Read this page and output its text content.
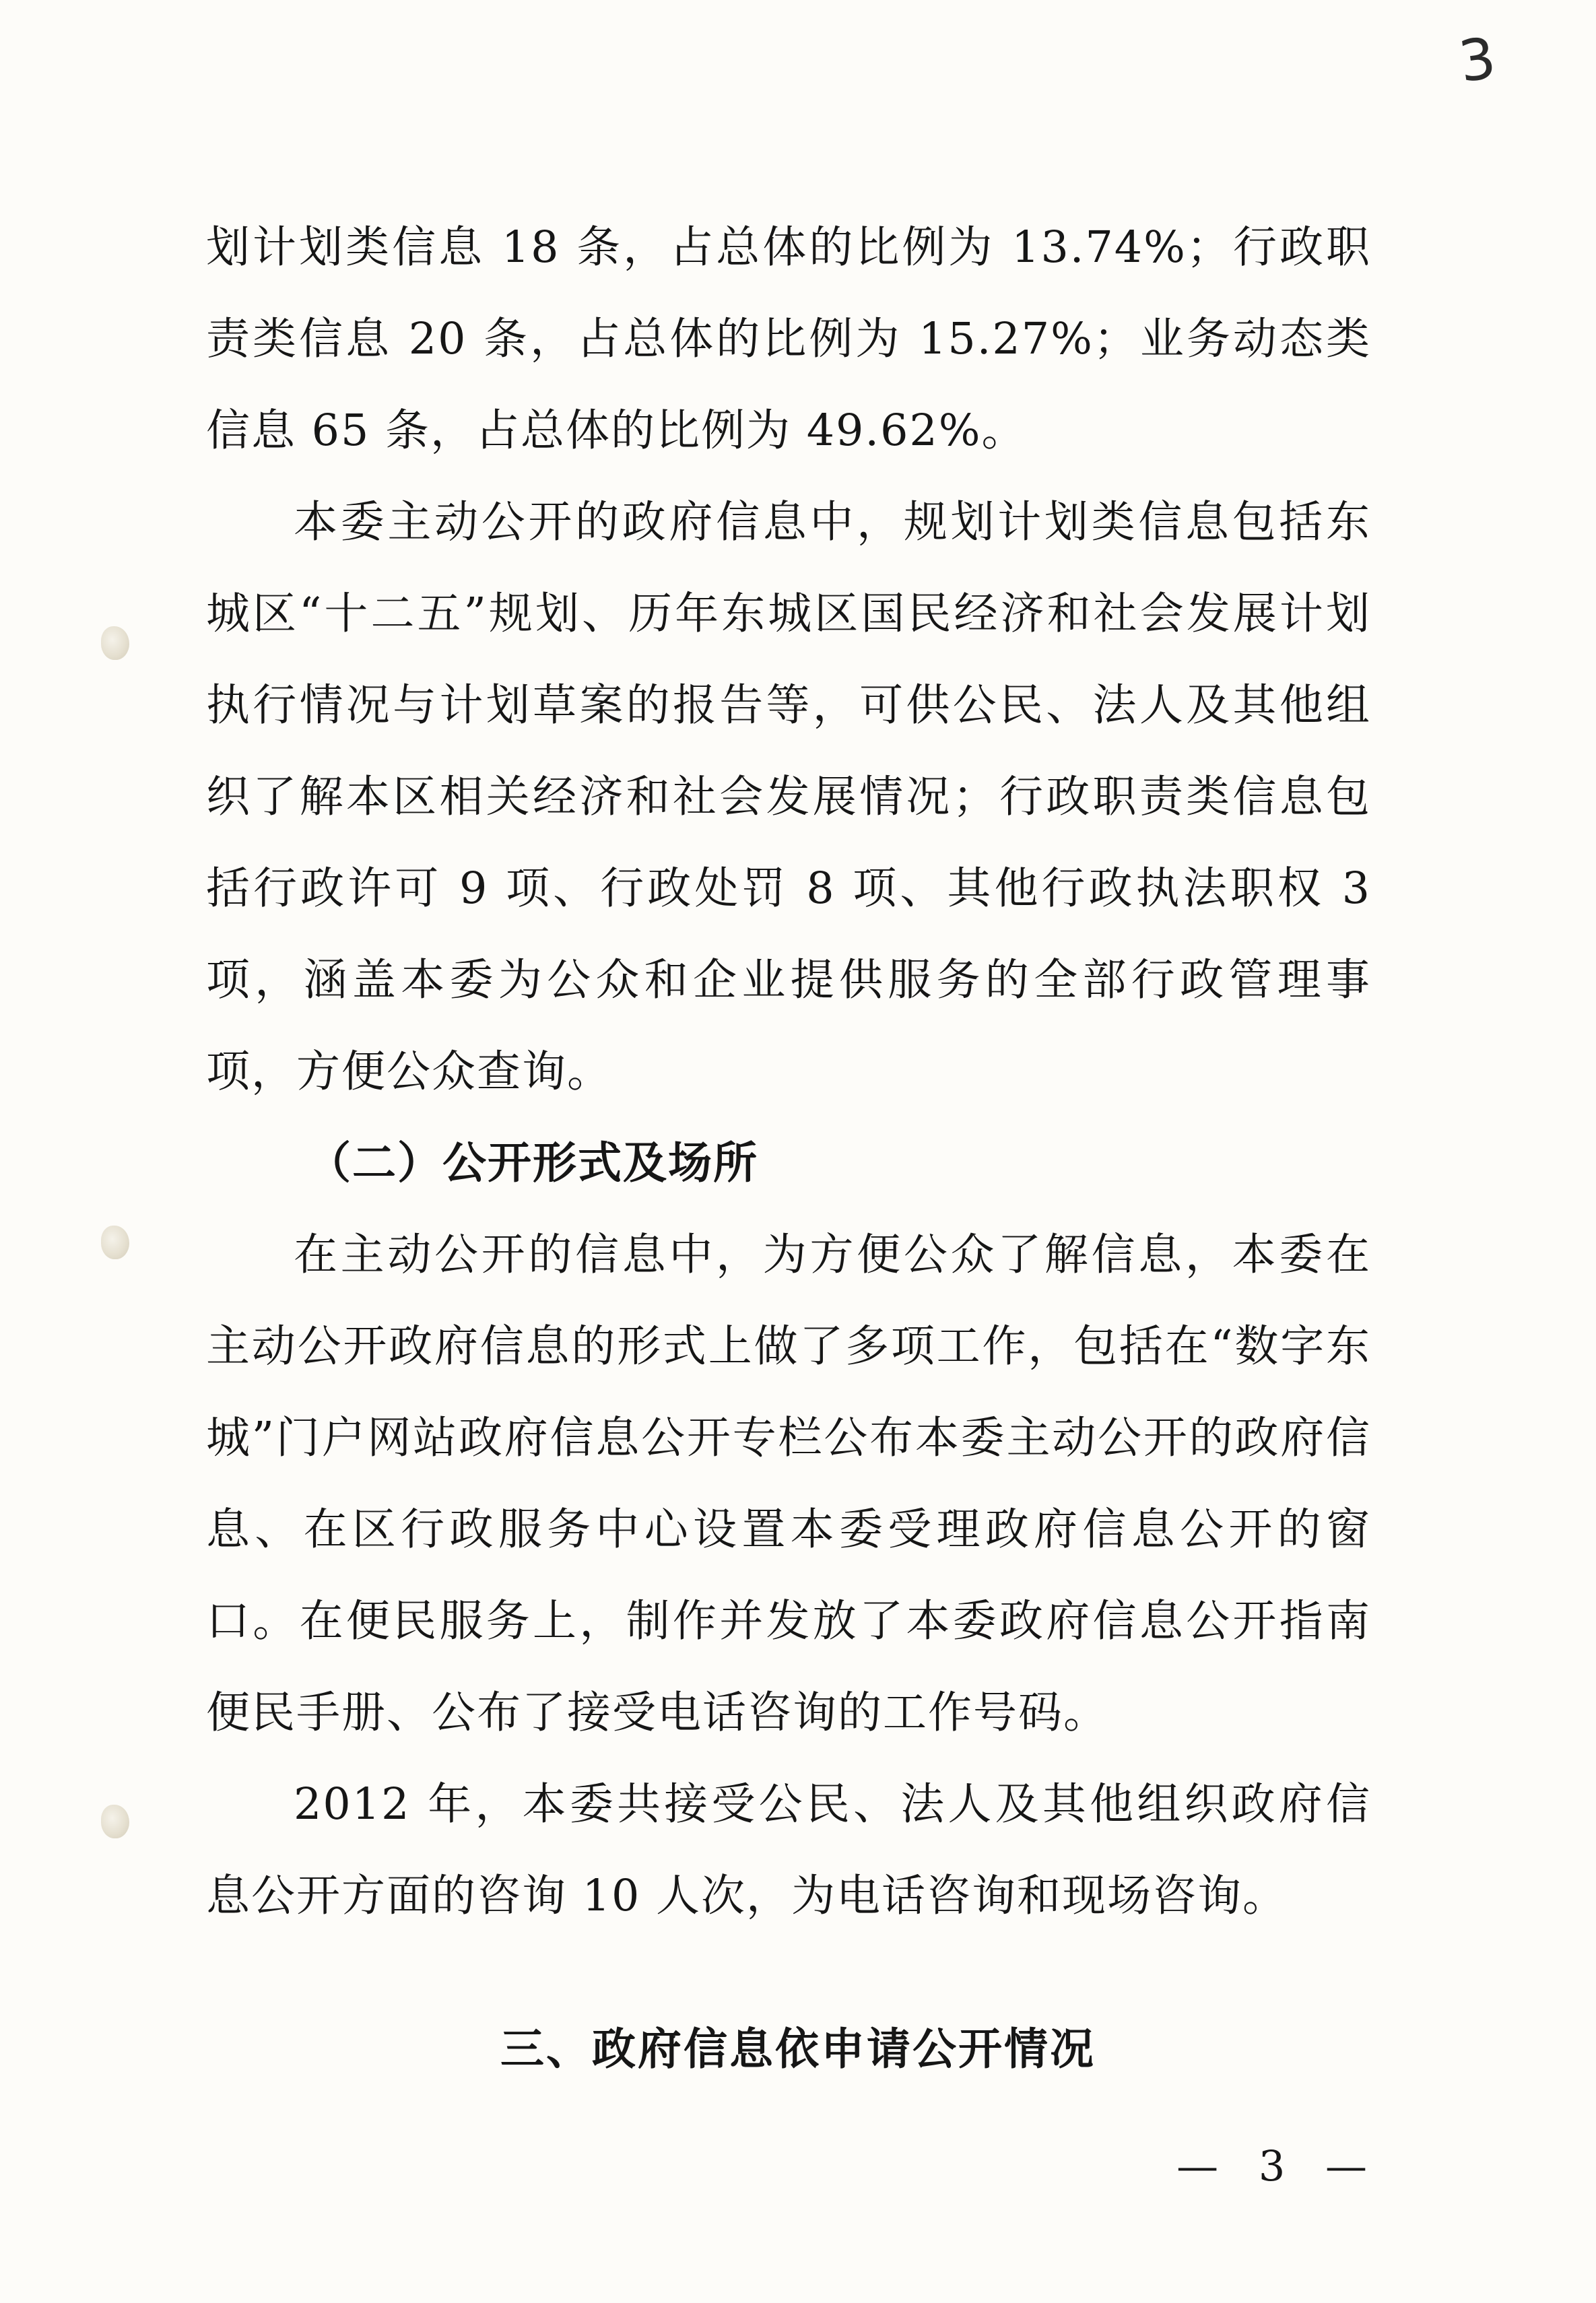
3

划计划类信息 18 条，占总体的比例为 13.74%；行政职责类信息 20 条，占总体的比例为 15.27%；业务动态类信息 65 条，占总体的比例为 49.62%。

本委主动公开的政府信息中，规划计划类信息包括东城区“十二五”规划、历年东城区国民经济和社会发展计划执行情况与计划草案的报告等，可供公民、法人及其他组织了解本区相关经济和社会发展情况；行政职责类信息包括行政许可 9 项、行政处罚 8 项、其他行政执法职权 3 项，涵盖本委为公众和企业提供服务的全部行政管理事项，方便公众查询。

（二）公开形式及场所

在主动公开的信息中，为方便公众了解信息，本委在主动公开政府信息的形式上做了多项工作，包括在“数字东城”门户网站政府信息公开专栏公布本委主动公开的政府信息、在区行政服务中心设置本委受理政府信息公开的窗口。在便民服务上，制作并发放了本委政府信息公开指南便民手册、公布了接受电话咨询的工作号码。

2012 年，本委共接受公民、法人及其他组织政府信息公开方面的咨询 10 人次，为电话咨询和现场咨询。

三、政府信息依申请公开情况
— 3 —
